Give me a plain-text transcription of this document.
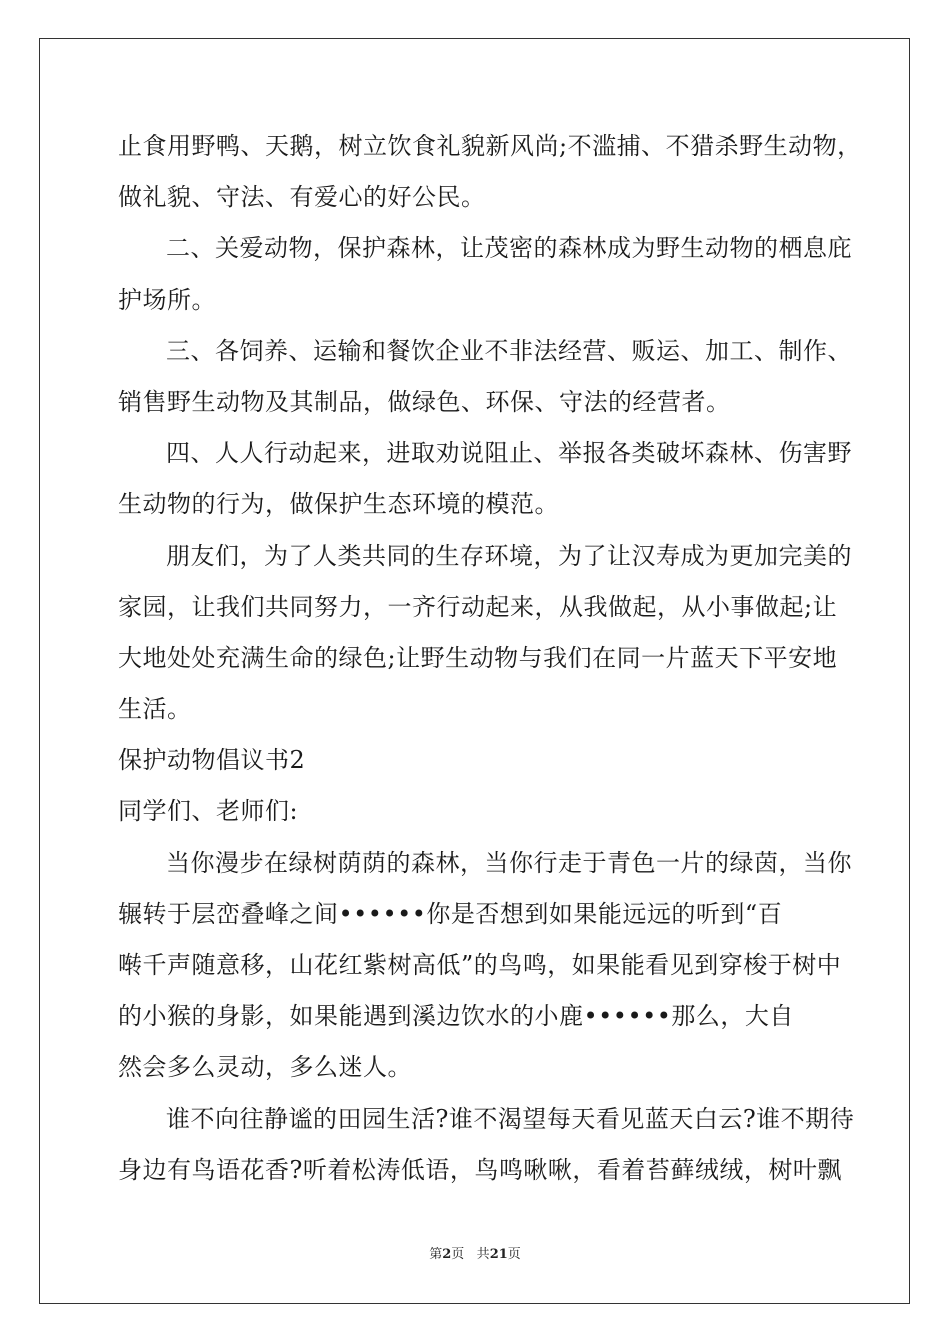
止食用野鸭、天鹅，树立饮食礼貌新风尚;不滥捕、不猎杀野生动物，
做礼貌、守法、有爱心的好公民。
二、关爱动物，保护森林，让茂密的森林成为野生动物的栖息庇
护场所。
三、各饲养、运输和餐饮企业不非法经营、贩运、加工、制作、
销售野生动物及其制品，做绿色、环保、守法的经营者。
四、人人行动起来，进取劝说阻止、举报各类破坏森林、伤害野
生动物的行为，做保护生态环境的模范。
朋友们，为了人类共同的生存环境，为了让汉寿成为更加完美的
家园，让我们共同努力，一齐行动起来，从我做起，从小事做起;让
大地处处充满生命的绿色;让野生动物与我们在同一片蓝天下平安地
生活。
保护动物倡议书2
同学们、老师们:
当你漫步在绿树荫荫的森林，当你行走于青色一片的绿茵，当你
辗转于层峦叠峰之间••••••你是否想到如果能远远的听到“百
啭千声随意移，山花红紫树高低”的鸟鸣，如果能看见到穿梭于树中
的小猴的身影，如果能遇到溪边饮水的小鹿••••••那么，大自
然会多么灵动，多么迷人。
谁不向往静谧的田园生活?谁不渴望每天看见蓝天白云?谁不期待
身边有鸟语花香?听着松涛低语，鸟鸣啾啾，看着苔藓绒绒，树叶飘
第2页 共21页
